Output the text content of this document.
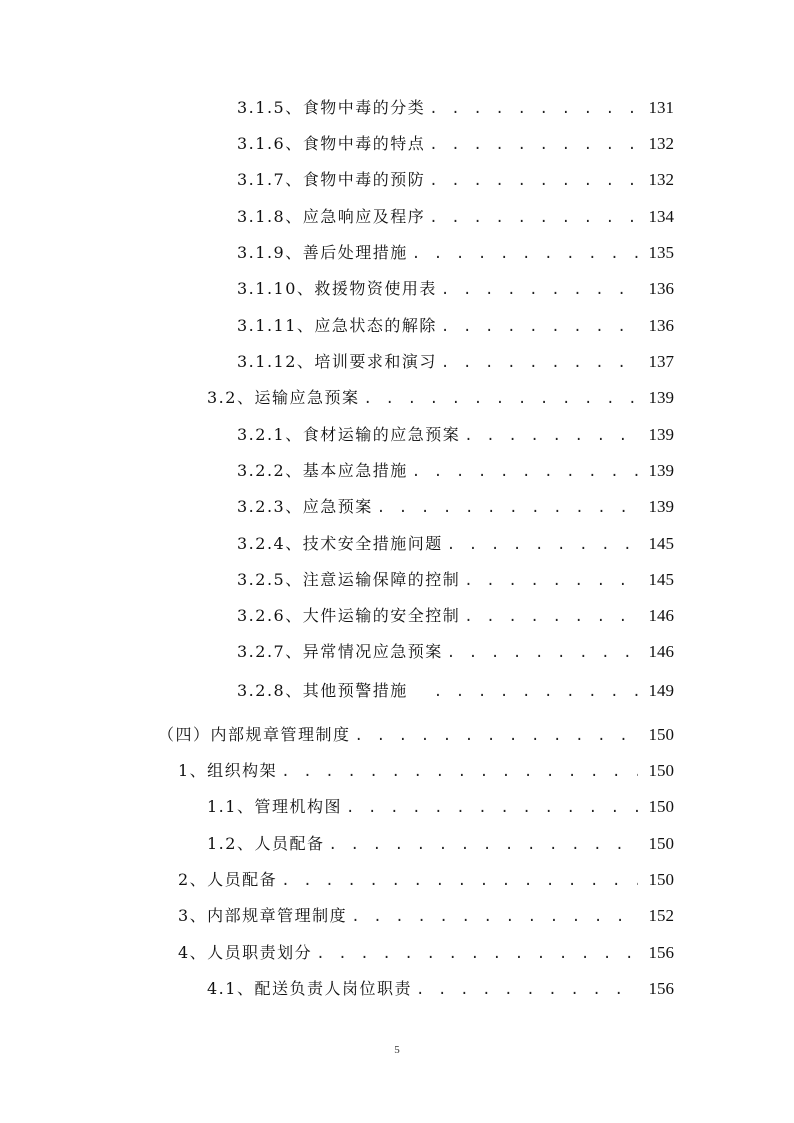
3.1.5、食物中毒的分类 . . .	131
3.1.6、食物中毒的特点 . . .	132
3.1.7、食物中毒的预防 . . .	132
3.1.8、应急响应及程序 . . .	134
3.1.9、善后处理措施 . . .	135
3.1.10、救援物资使用表 . . .	136
3.1.11、应急状态的解除 . . .	136
3.1.12、培训要求和演习 . . .	137
3.2、运输应急预案 . . .	139
3.2.1、食材运输的应急预案 . . .	139
3.2.2、基本应急措施 . . .	139
3.2.3、应急预案 . . .	139
3.2.4、技术安全措施问题 . . .	145
3.2.5、注意运输保障的控制 . . .	145
3.2.6、大件运输的安全控制 . . .	146
3.2.7、异常情况应急预案 . . .	146
3.2.8、其他预警措施 . . .	149
（四）内部规章管理制度 . . .	150
1、组织构架 . . .	150
1.1、管理机构图 . . .	150
1.2、人员配备 . . .	150
2、人员配备 . . .	150
3、内部规章管理制度 . . .	152
4、人员职责划分 . . .	156
4.1、配送负责人岗位职责 . . .	156
5
